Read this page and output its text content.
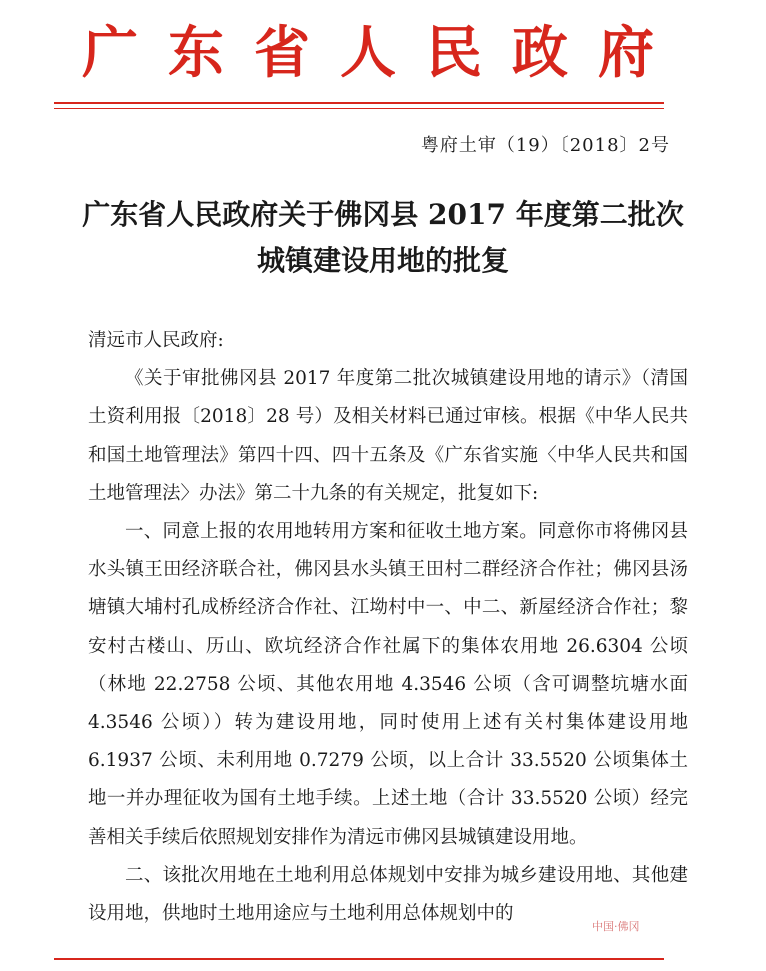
广东省人民政府
粤府土审（19）〔2018〕2号
广东省人民政府关于佛冈县 2017 年度第二批次
城镇建设用地的批复

清远市人民政府:

《关于审批佛冈县 2017 年度第二批次城镇建设用地的请示》（清国土资利用报〔2018〕28 号）及相关材料已通过审核。根据《中华人民共和国土地管理法》第四十四、四十五条及《广东省实施〈中华人民共和国土地管理法〉办法》第二十九条的有关规定，批复如下:

一、同意上报的农用地转用方案和征收土地方案。同意你市将佛冈县水头镇王田经济联合社，佛冈县水头镇王田村二群经济合作社；佛冈县汤塘镇大埔村孔成桥经济合作社、江坳村中一、中二、新屋经济合作社；黎安村古楼山、历山、欧坑经济合作社属下的集体农用地 26.6304 公顷（林地 22.2758 公顷、其他农用地 4.3546 公顷（含可调整坑塘水面 4.3546 公顷））转为建设用地，同时使用上述有关村集体建设用地 6.1937 公顷、未利用地 0.7279 公顷，以上合计 33.5520 公顷集体土地一并办理征收为国有土地手续。上述土地（合计 33.5520 公顷）经完善相关手续后依照规划安排作为清远市佛冈县城镇建设用地。

二、该批次用地在土地利用总体规划中安排为城乡建设用地、其他建设用地，供地时土地用途应与土地利用总体规划中的

中国·佛冈
